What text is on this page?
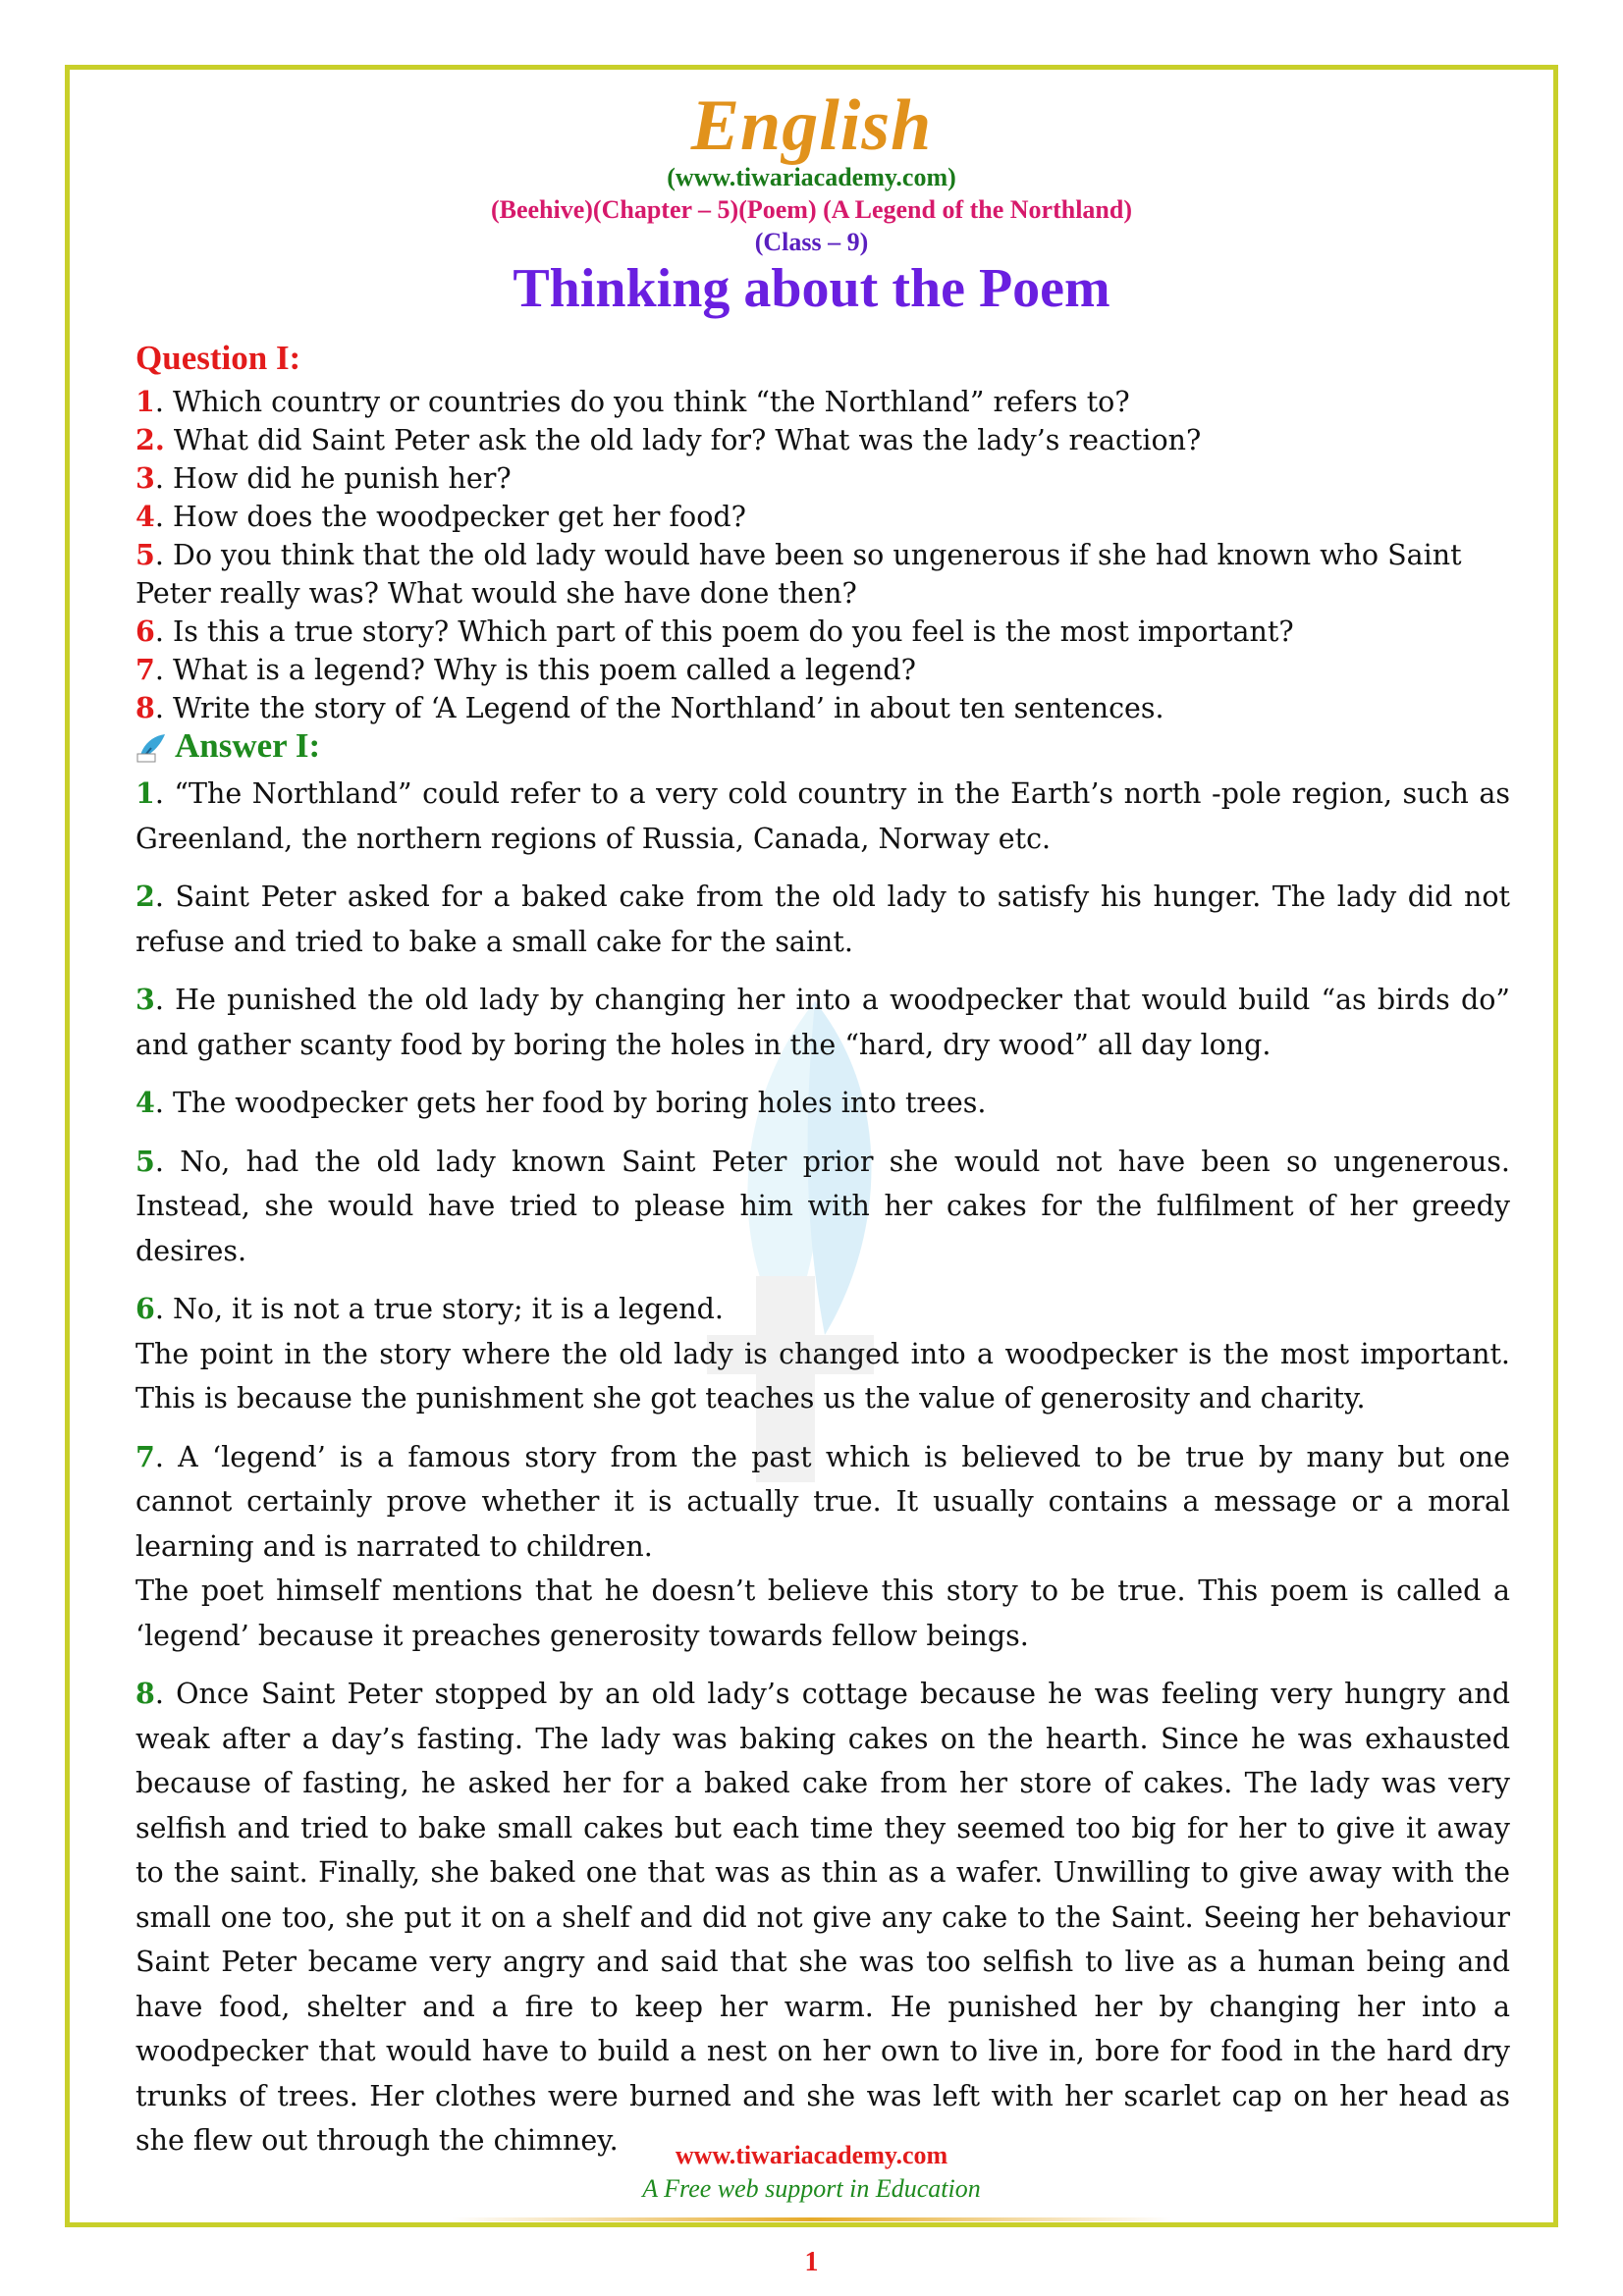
English
(www.tiwariacademy.com)
(Beehive)(Chapter – 5)(Poem) (A Legend of the Northland)
(Class – 9)
Thinking about the Poem
Question I:
1. Which country or countries do you think “the Northland” refers to?
2. What did Saint Peter ask the old lady for? What was the lady’s reaction?
3. How did he punish her?
4. How does the woodpecker get her food?
5. Do you think that the old lady would have been so ungenerous if she had known who Saint Peter really was? What would she have done then?
6. Is this a true story? Which part of this poem do you feel is the most important?
7. What is a legend? Why is this poem called a legend?
8. Write the story of ‘A Legend of the Northland’ in about ten sentences.
Answer I:

1. “The Northland” could refer to a very cold country in the Earth’s north -pole region, such as Greenland, the northern regions of Russia, Canada, Norway etc.

2. Saint Peter asked for a baked cake from the old lady to satisfy his hunger. The lady did not refuse and tried to bake a small cake for the saint.

3. He punished the old lady by changing her into a woodpecker that would build “as birds do” and gather scanty food by boring the holes in the “hard, dry wood” all day long.

4. The woodpecker gets her food by boring holes into trees.

5. No, had the old lady known Saint Peter prior she would not have been so ungenerous. Instead, she would have tried to please him with her cakes for the fulfilment of her greedy desires.

6. No, it is not a true story; it is a legend.
The point in the story where the old lady is changed into a woodpecker is the most important. This is because the punishment she got teaches us the value of generosity and charity.

7. A ‘legend’ is a famous story from the past which is believed to be true by many but one cannot certainly prove whether it is actually true. It usually contains a message or a moral learning and is narrated to children.
The poet himself mentions that he doesn’t believe this story to be true. This poem is called a ‘legend’ because it preaches generosity towards fellow beings.

8. Once Saint Peter stopped by an old lady’s cottage because he was feeling very hungry and weak after a day’s fasting. The lady was baking cakes on the hearth. Since he was exhausted because of fasting, he asked her for a baked cake from her store of cakes. The lady was very selfish and tried to bake small cakes but each time they seemed too big for her to give it away to the saint. Finally, she baked one that was as thin as a wafer. Unwilling to give away with the small one too, she put it on a shelf and did not give any cake to the Saint. Seeing her behaviour Saint Peter became very angry and said that she was too selfish to live as a human being and have food, shelter and a fire to keep her warm. He punished her by changing her into a woodpecker that would have to build a nest on her own to live in, bore for food in the hard dry trunks of trees. Her clothes were burned and she was left with her scarlet cap on her head as she flew out through the chimney.	www.tiwariacademy.com
A Free web support in Education
1
